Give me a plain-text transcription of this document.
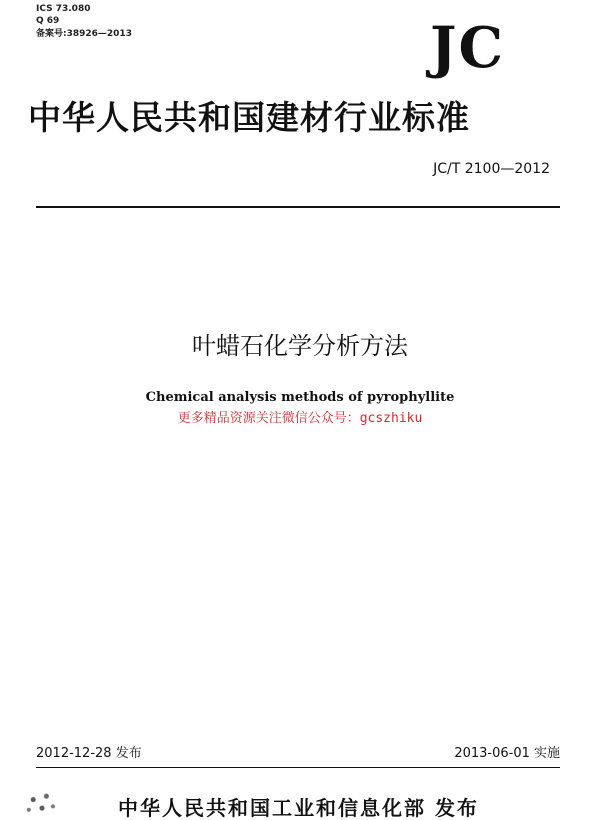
ICS 73.080
Q 69
备案号:38926—2013	JC
中华人民共和国建材行业标准
JC/T 2100—2012
叶蜡石化学分析方法
Chemical analysis methods of pyrophyllite
更多精品资源关注微信公众号：gcszhiku
2012-12-28 发布	2013-06-01 实施
中华人民共和国工业和信息化部 发布
